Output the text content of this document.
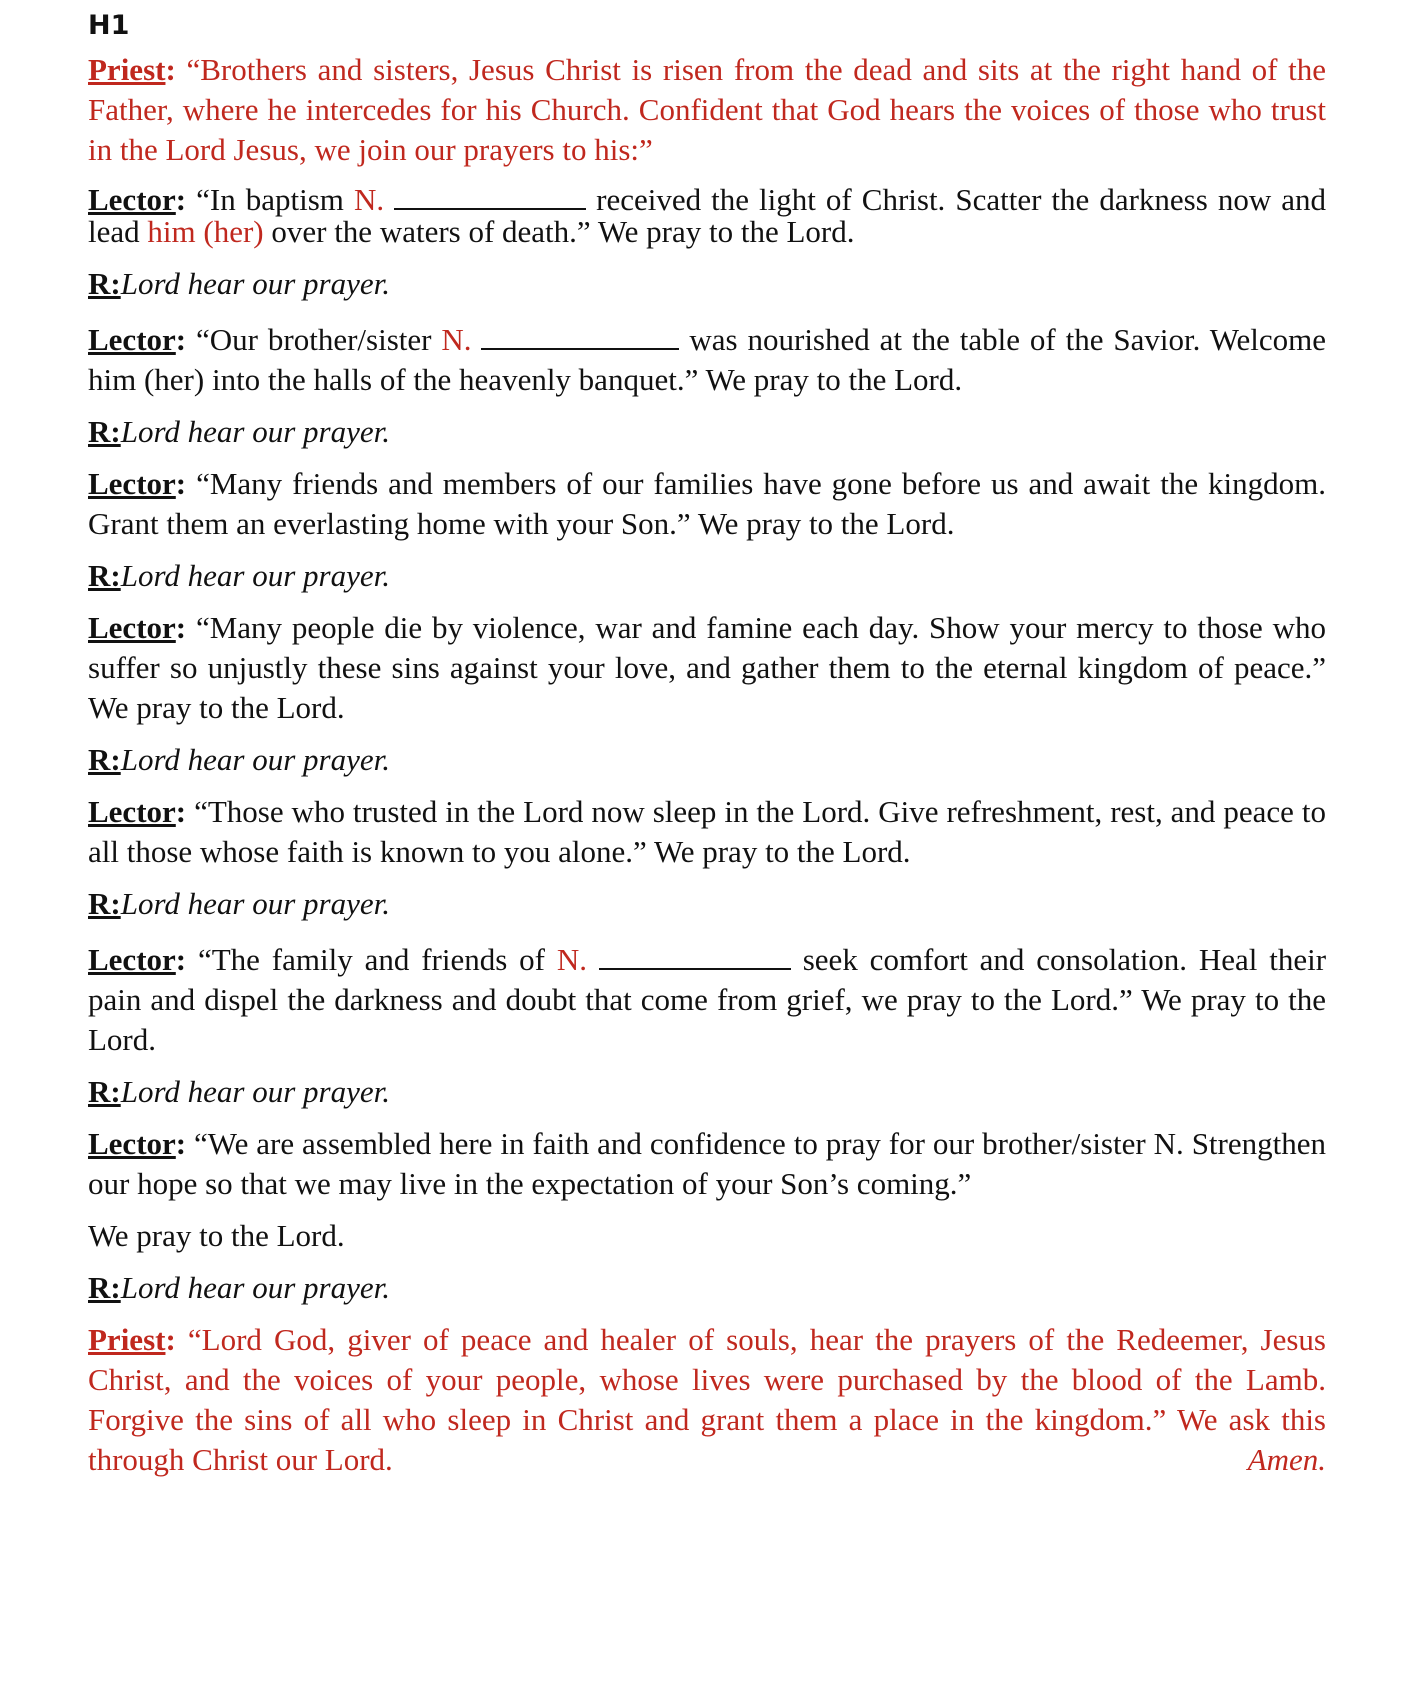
H1

Priest: “Brothers and sisters, Jesus Christ is risen from the dead and sits at the right hand of the Father, where he intercedes for his Church. Confident that God hears the voices of those who trust in the Lord Jesus, we join our prayers to his:”

Lector: “In baptism N.	received the light of Christ. Scatter the darkness now and lead him (her) over the waters of death.” We pray to the Lord.

R:Lord hear our prayer.

Lector: “Our brother/sister N.	was nourished at the table of the Savior. Welcome him (her) into the halls of the heavenly banquet.” We pray to the Lord.

R:Lord hear our prayer.

Lector: “Many friends and members of our families have gone before us and await the kingdom. Grant them an everlasting home with your Son.” We pray to the Lord.

R:Lord hear our prayer.

Lector: “Many people die by violence, war and famine each day. Show your mercy to those who suffer so unjustly these sins against your love, and gather them to the eternal kingdom of peace.” We pray to the Lord.

R:Lord hear our prayer.

Lector: “Those who trusted in the Lord now sleep in the Lord. Give refreshment, rest, and peace to all those whose faith is known to you alone.” We pray to the Lord.

R:Lord hear our prayer.

Lector: “The family and friends of N.	seek comfort and consolation. Heal their pain and dispel the darkness and doubt that come from grief, we pray to the Lord.” We pray to the Lord.

R:Lord hear our prayer.

Lector: “We are assembled here in faith and confidence to pray for our brother/sister N. Strengthen our hope so that we may live in the expectation of your Son’s coming.”

We pray to the Lord.

R:Lord hear our prayer.

Priest: “Lord God, giver of peace and healer of souls, hear the prayers of the Redeemer, Jesus Christ, and the voices of your people, whose lives were purchased by the blood of the Lamb. Forgive the sins of all who sleep in Christ and grant them a place in the kingdom.” We ask this through Christ our Lord.	Amen.
